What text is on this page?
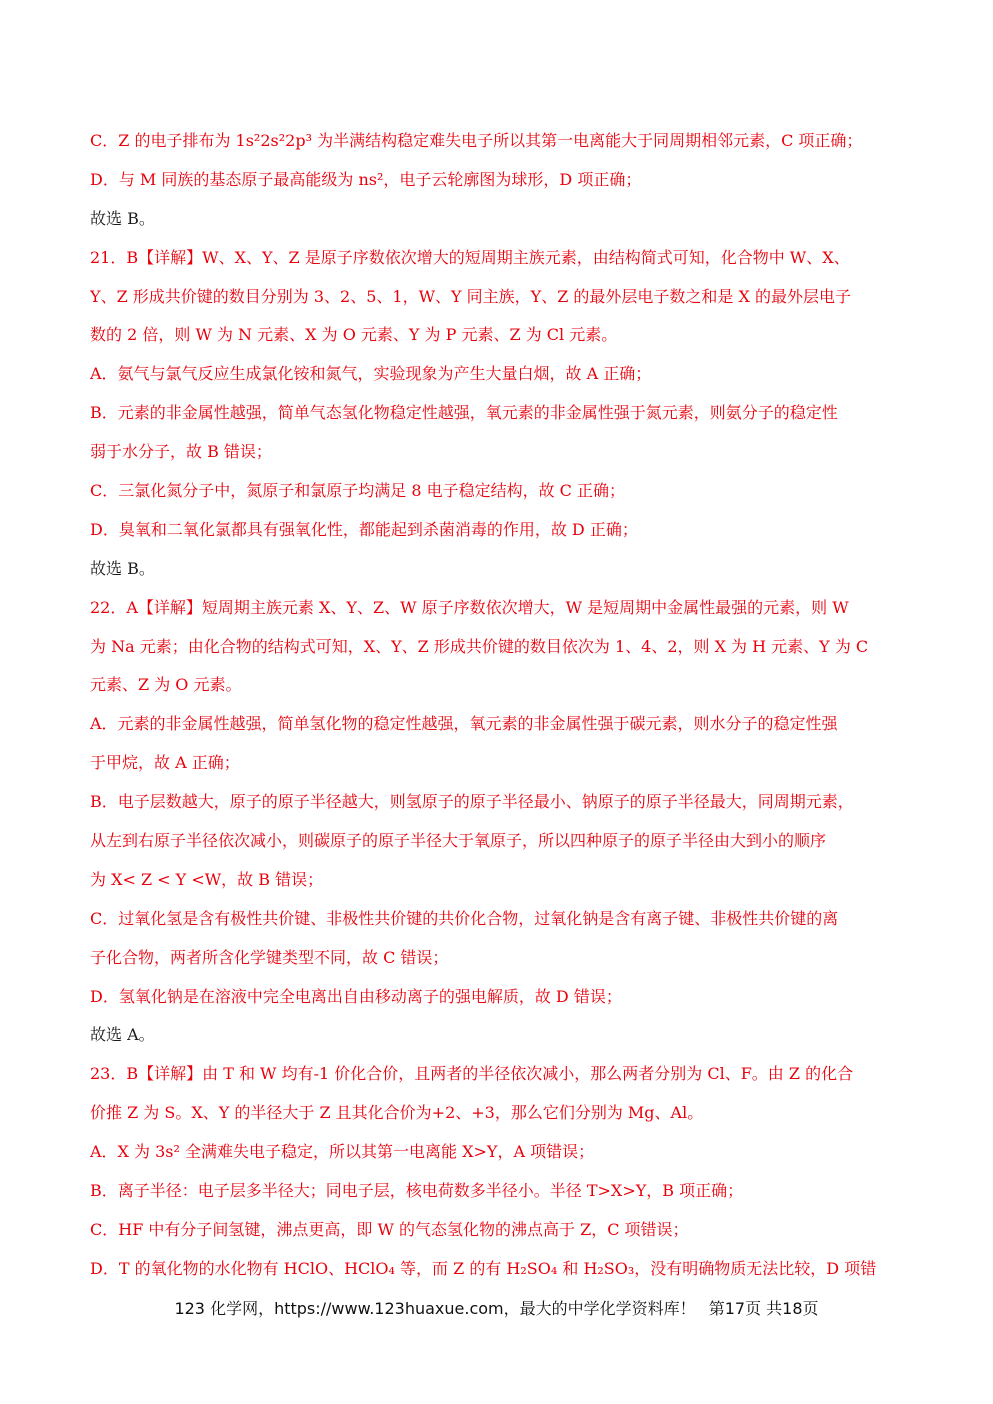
C．Z 的电子排布为 1s²2s²2p³ 为半满结构稳定难失电子所以其第一电离能大于同周期相邻元素，C 项正确；
D．与 M 同族的基态原子最高能级为 ns²，电子云轮廓图为球形，D 项正确；
故选 B。
21．B【详解】W、X、Y、Z 是原子序数依次增大的短周期主族元素，由结构简式可知，化合物中 W、X、
Y、Z 形成共价键的数目分别为 3、2、5、1，W、Y 同主族，Y、Z 的最外层电子数之和是 X 的最外层电子
数的 2 倍，则 W 为 N 元素、X 为 O 元素、Y 为 P 元素、Z 为 Cl 元素。
A．氨气与氯气反应生成氯化铵和氮气，实验现象为产生大量白烟，故 A 正确；
B．元素的非金属性越强，简单气态氢化物稳定性越强，氧元素的非金属性强于氮元素，则氨分子的稳定性
弱于水分子，故 B 错误；
C．三氯化氮分子中，氮原子和氯原子均满足 8 电子稳定结构，故 C 正确；
D．臭氧和二氧化氯都具有强氧化性，都能起到杀菌消毒的作用，故 D 正确；
故选 B。
22．A【详解】短周期主族元素 X、Y、Z、W 原子序数依次增大，W 是短周期中金属性最强的元素，则 W
为 Na 元素；由化合物的结构式可知，X、Y、Z 形成共价键的数目依次为 1、4、2，则 X 为 H 元素、Y 为 C
元素、Z 为 O 元素。
A．元素的非金属性越强，简单氢化物的稳定性越强，氧元素的非金属性强于碳元素，则水分子的稳定性强
于甲烷，故 A 正确；
B．电子层数越大，原子的原子半径越大，则氢原子的原子半径最小、钠原子的原子半径最大，同周期元素，
从左到右原子半径依次减小，则碳原子的原子半径大于氧原子，所以四种原子的原子半径由大到小的顺序
为 X< Z < Y <W，故 B 错误；
C．过氧化氢是含有极性共价键、非极性共价键的共价化合物，过氧化钠是含有离子键、非极性共价键的离
子化合物，两者所含化学键类型不同，故 C 错误；
D．氢氧化钠是在溶液中完全电离出自由移动离子的强电解质，故 D 错误；
故选 A。
23．B【详解】由 T 和 W 均有-1 价化合价，且两者的半径依次减小，那么两者分别为 Cl、F。由 Z 的化合
价推 Z 为 S。X、Y 的半径大于 Z 且其化合价为+2、+3，那么它们分别为 Mg、Al。
A．X 为 3s² 全满难失电子稳定，所以其第一电离能 X>Y，A 项错误；
B．离子半径：电子层多半径大；同电子层，核电荷数多半径小。半径 T>X>Y，B 项正确；
C．HF 中有分子间氢键，沸点更高，即 W 的气态氢化物的沸点高于 Z，C 项错误；
D．T 的氧化物的水化物有 HClO、HClO₄ 等，而 Z 的有 H₂SO₄ 和 H₂SO₃，没有明确物质无法比较，D 项错
123 化学网，https://www.123huaxue.com，最大的中学化学资料库！ 第17页 共18页
